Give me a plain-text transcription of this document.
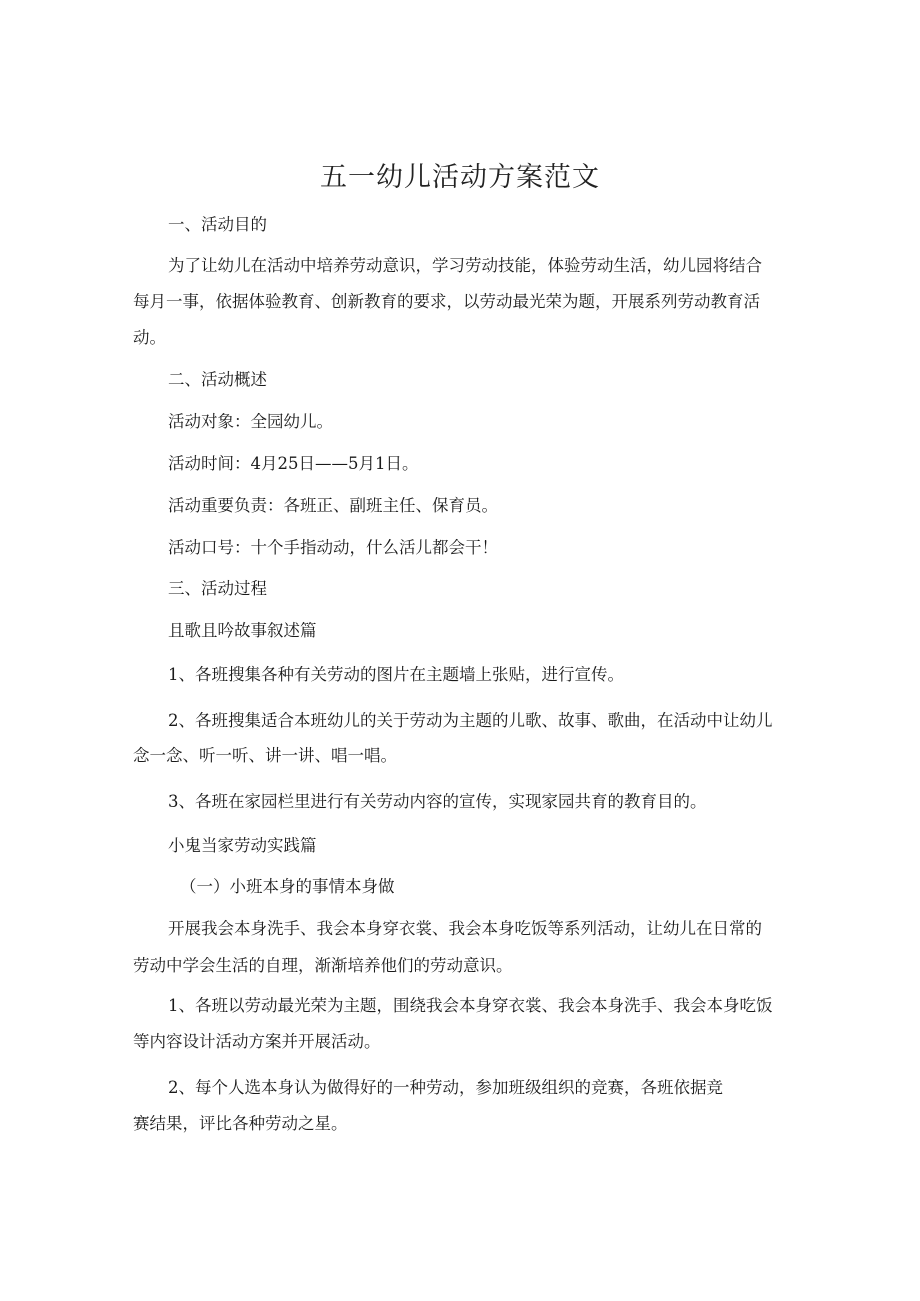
五一幼儿活动方案范文
一、活动目的
为了让幼儿在活动中培养劳动意识，学习劳动技能，体验劳动生活，幼儿园将结合
每月一事，依据体验教育、创新教育的要求，以劳动最光荣为题，开展系列劳动教育活
动。
二、活动概述
活动对象：全园幼儿。
活动时间：4月25日——5月1日。
活动重要负责：各班正、副班主任、保育员。
活动口号：十个手指动动，什么活儿都会干！
三、活动过程
且歌且吟故事叙述篇
1、各班搜集各种有关劳动的图片在主题墙上张贴，进行宣传。
2、各班搜集适合本班幼儿的关于劳动为主题的儿歌、故事、歌曲，在活动中让幼儿
念一念、听一听、讲一讲、唱一唱。
3、各班在家园栏里进行有关劳动内容的宣传，实现家园共育的教育目的。
小鬼当家劳动实践篇
（一）小班本身的事情本身做
开展我会本身洗手、我会本身穿衣裳、我会本身吃饭等系列活动，让幼儿在日常的
劳动中学会生活的自理，渐渐培养他们的劳动意识。
1、各班以劳动最光荣为主题，围绕我会本身穿衣裳、我会本身洗手、我会本身吃饭
等内容设计活动方案并开展活动。
2、每个人选本身认为做得好的一种劳动，参加班级组织的竞赛，各班依据竞
赛结果，评比各种劳动之星。
